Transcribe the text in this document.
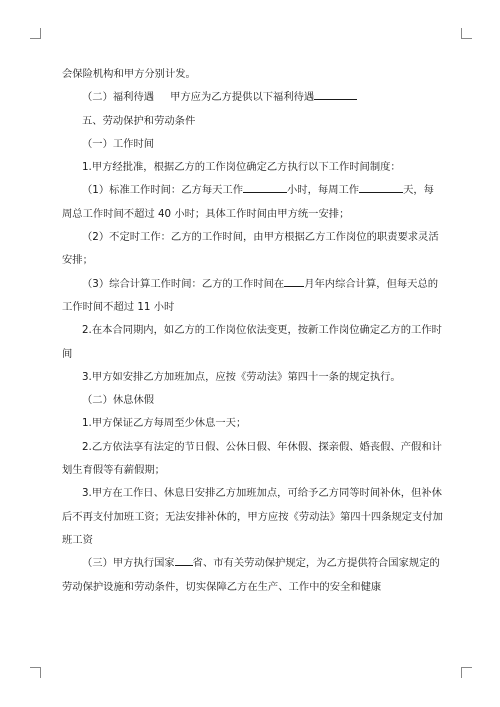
会保险机构和甲方分别计发。
（二）福利待遇 甲方应为乙方提供以下福利待遇
五、劳动保护和劳动条件
（一）工作时间
1.甲方经批准，根据乙方的工作岗位确定乙方执行以下工作时间制度：
（1）标准工作时间：乙方每天工作	小时，每周工作	天，每
周总工作时间不超过 40 小时；具体工作时间由甲方统一安排；
（2）不定时工作：乙方的工作时间，由甲方根据乙方工作岗位的职责要求灵活
安排；
（3）综合计算工作时间：乙方的工作时间在 月年内综合计算，但每天总的
工作时间不超过 11 小时
2.在本合同期内，如乙方的工作岗位依法变更，按新工作岗位确定乙方的工作时
间
3.甲方如安排乙方加班加点，应按《劳动法》第四十一条的规定执行。
（二）休息休假
1.甲方保证乙方每周至少休息一天；
2.乙方依法享有法定的节日假、公休日假、年休假、探亲假、婚丧假、产假和计
划生育假等有薪假期；
3.甲方在工作日、休息日安排乙方加班加点，可给予乙方同等时间补休，但补休
后不再支付加班工资；无法安排补休的，甲方应按《劳动法》第四十四条规定支付加
班工资
（三）甲方执行国家 省、市有关劳动保护规定，为乙方提供符合国家规定的
劳动保护设施和劳动条件，切实保障乙方在生产、工作中的安全和健康
